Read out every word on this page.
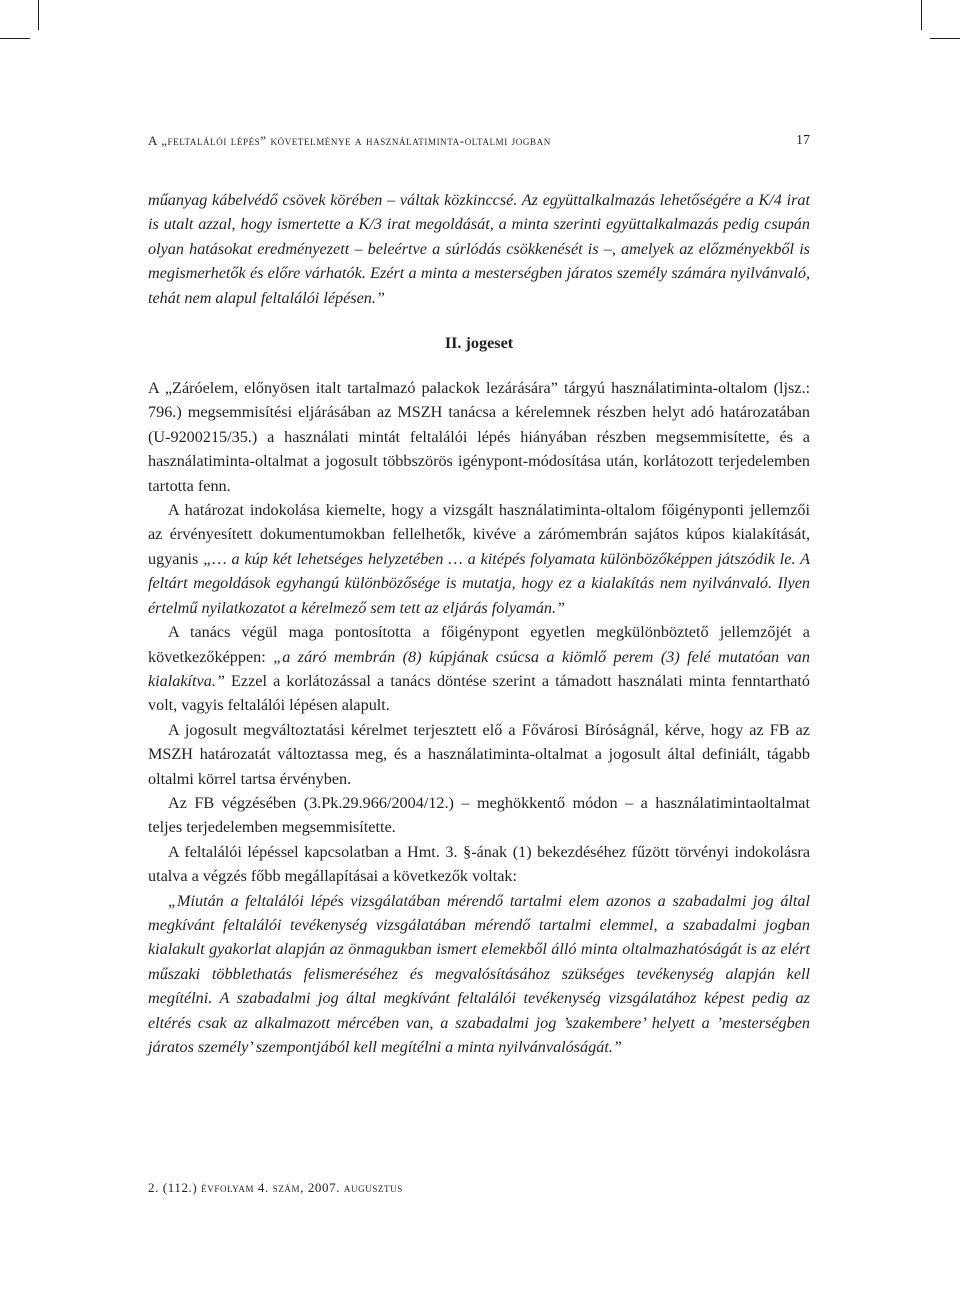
A „feltalálói lépés” követelménye a használatiminta-oltalmi jogban	17

műanyag kábelvédő csövek körében – váltak közkinccsé. Az együttalkalmazás lehetőségére a K/4 irat is utalt azzal, hogy ismertette a K/3 irat megoldását, a minta szerinti együttalkalmazás pedig csupán olyan hatásokat eredményezett – beleértve a súrlódás csökkenését is –, amelyek az előzményekből is megismerhetők és előre várhatók. Ezért a minta a mesterségben járatos személy számára nyilvánvaló, tehát nem alapul feltalálói lépésen.”

II. jogeset

A „Záróelem, előnyösen italt tartalmazó palackok lezárására” tárgyú használatiminta-oltalom (ljsz.: 796.) megsemmisítési eljárásában az MSZH tanácsa a kérelemnek részben helyt adó határozatában (U-9200215/35.) a használati mintát feltalálói lépés hiányában részben megsemmisítette, és a használatiminta-oltalmat a jogosult többszörös igénypont-módosítása után, korlátozott terjedelemben tartotta fenn.

A határozat indokolása kiemelte, hogy a vizsgált használatiminta-oltalom főigényponti jellemzői az érvényesített dokumentumokban fellelhetők, kivéve a zárómembrán sajátos kúpos kialakítását, ugyanis „… a kúp két lehetséges helyzetében … a kitépés folyamata különbözőképpen játszódik le. A feltárt megoldások egyhangú különbözősége is mutatja, hogy ez a kialakítás nem nyilvánvaló. Ilyen értelmű nyilatkozatot a kérelmező sem tett az eljárás folyamán.”

A tanács végül maga pontosította a főigénypont egyetlen megkülönböztető jellemzőjét a következőképpen: „a záró membrán (8) kúpjának csúcsa a kiömlő perem (3) felé mutatóan van kialakítva.” Ezzel a korlátozással a tanács döntése szerint a támadott használati minta fenntartható volt, vagyis feltalálói lépésen alapult.

A jogosult megváltoztatási kérelmet terjesztett elő a Fővárosi Bíróságnál, kérve, hogy az FB az MSZH határozatát változtassa meg, és a használatiminta-oltalmat a jogosult által definiált, tágabb oltalmi körrel tartsa érvényben.

Az FB végzésében (3.Pk.29.966/2004/12.) – meghökkentő módon – a használatimintaoltalmat teljes terjedelemben megsemmisítette.

A feltalálói lépéssel kapcsolatban a Hmt. 3. §-ának (1) bekezdéséhez fűzött törvényi indokolásra utalva a végzés főbb megállapításai a következők voltak:

„Miután a feltalálói lépés vizsgálatában mérendő tartalmi elem azonos a szabadalmi jog által megkívánt feltalálói tevékenység vizsgálatában mérendő tartalmi elemmel, a szabadalmi jogban kialakult gyakorlat alapján az önmagukban ismert elemekből álló minta oltalmazhatóságát is az elért műszaki többlethatás felismeréséhez és megvalósításához szükséges tevékenység alapján kell megítélni. A szabadalmi jog által megkívánt feltalálói tevékenység vizsgálatához képest pedig az eltérés csak az alkalmazott mércében van, a szabadalmi jog ’szakembere’ helyett a ’mesterségben járatos személy’ szempontjából kell megítélni a minta nyilvánvalóságát.”

2. (112.) évfolyam 4. szám, 2007. augusztus
